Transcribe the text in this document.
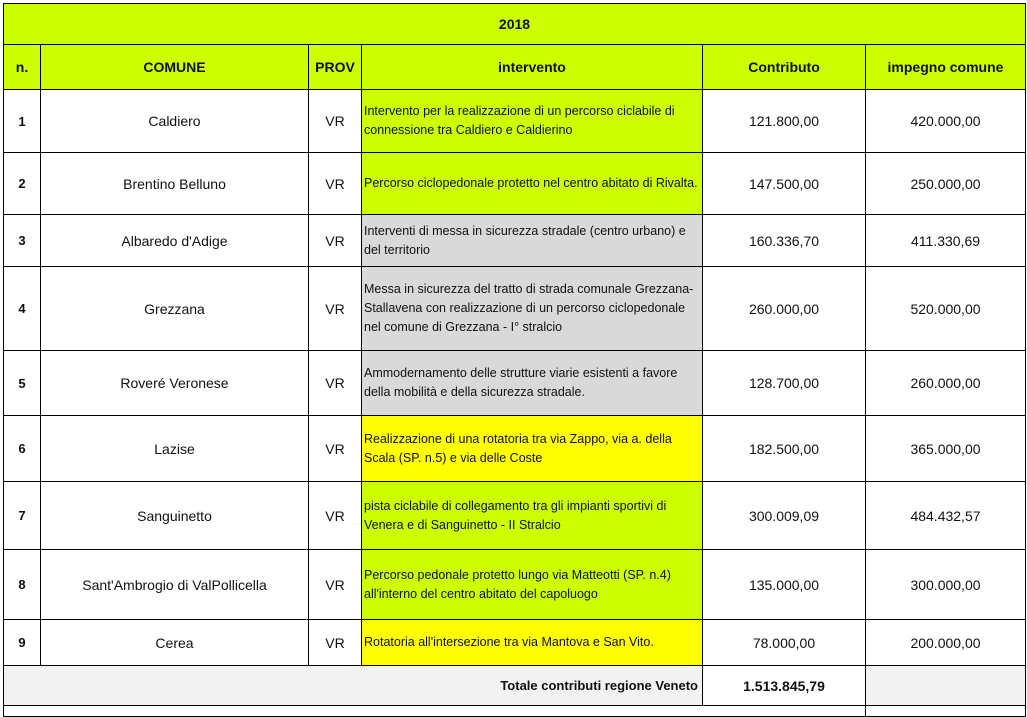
2018					
n.	COMUNE	PROV	intervento	Contributo	impegno comune
1	Caldiero	VR	Intervento per la realizzazione di un percorso ciclabile di connessione tra Caldiero e Caldierino	121.800,00	420.000,00
2	Brentino Belluno	VR	Percorso ciclopedonale protetto nel centro abitato di Rivalta.	147.500,00	250.000,00
3	Albaredo d'Adige	VR	Interventi di messa in sicurezza stradale (centro urbano) e del territorio	160.336,70	411.330,69
4	Grezzana	VR	Messa in sicurezza del tratto di strada comunale Grezzana-Stallavena con realizzazione di un percorso ciclopedonale nel comune di Grezzana - I° stralcio	260.000,00	520.000,00
5	Roveré Veronese	VR	Ammodernamento delle strutture viarie esistenti a favore della mobilità e della sicurezza stradale.	128.700,00	260.000,00
6	Lazise	VR	Realizzazione di una rotatoria tra via Zappo, via a. della Scala (SP. n.5) e via delle Coste	182.500,00	365.000,00
7	Sanguinetto	VR	pista ciclabile di collegamento tra gli impianti sportivi di Venera e di Sanguinetto - II Stralcio	300.009,09	484.432,57
8	Sant'Ambrogio di ValPollicella	VR	Percorso pedonale protetto lungo via Matteotti (SP. n.4) all'interno del centro abitato del capoluogo	135.000,00	300.000,00
9	Cerea	VR	Rotatoria all'intersezione tra via Mantova e San Vito.	78.000,00	200.000,00
Totale contributi regione Veneto				1.513.845,79	
